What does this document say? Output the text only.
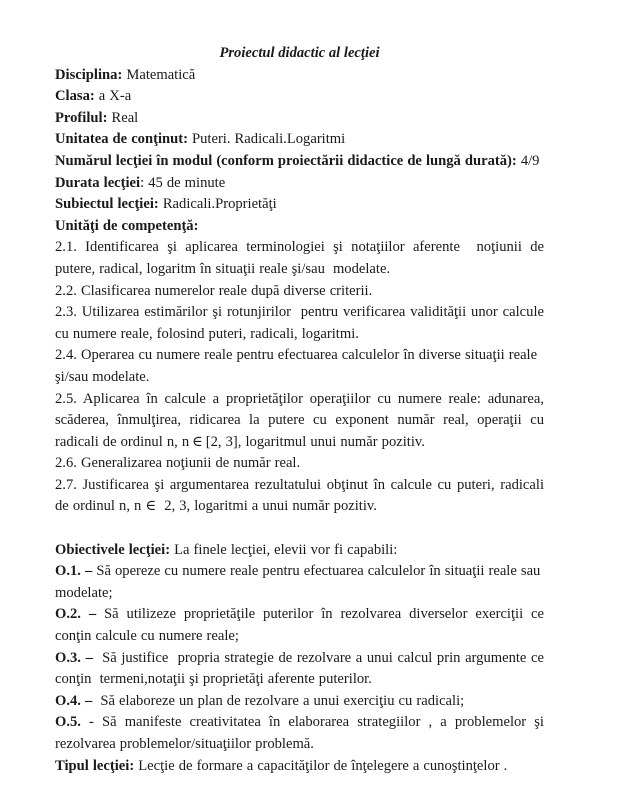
Proiectul didactic al lecţiei
Disciplina: Matematică
Clasa: a X-a
Profilul: Real
Unitatea de conţinut: Puteri. Radicali.Logaritmi
Numărul lecţiei în modul (conform proiectării didactice de lungă durată): 4/9
Durata lecţiei: 45 de minute
Subiectul lecţiei: Radicali.Proprietăţi
Unităţi de competenţă:
2.1. Identificarea şi aplicarea terminologiei şi notaţiilor aferente  noţiunii de putere, radical, logaritm în situaţii reale şi/sau  modelate.
2.2. Clasificarea numerelor reale după diverse criterii.
2.3. Utilizarea estimărilor şi rotunjirilor  pentru verificarea validităţii unor calcule cu numere reale, folosind puteri, radicali, logaritmi.
2.4. Operarea cu numere reale pentru efectuarea calculelor în diverse situaţii reale şi/sau modelate.
2.5. Aplicarea în calcule a proprietăţilor operaţiilor cu numere reale: adunarea, scăderea, înmulţirea, ridicarea la putere cu exponent număr real, operaţii cu radicali de ordinul n, n ∈ [2, 3], logaritmul unui număr pozitiv.
2.6. Generalizarea noţiunii de număr real.
2.7. Justificarea şi argumentarea rezultatului obţinut în calcule cu puteri, radicali de ordinul n, n ∈  2, 3, logaritmi a unui număr pozitiv.

Obiectivele lecţiei: La finele lecţiei, elevii vor fi capabili:
O.1. – Să opereze cu numere reale pentru efectuarea calculelor în situaţii reale sau modelate;
O.2. – Să utilizeze proprietăţile puterilor în rezolvarea diverselor exerciţii ce conţin calcule cu numere reale;
O.3. –  Să justifice  propria strategie de rezolvare a unui calcul prin argumente ce conţin  termeni,notaţii şi proprietăţi aferente puterilor.
O.4. –  Să elaboreze un plan de rezolvare a unui exerciţiu cu radicali;
O.5. - Să manifeste creativitatea în elaborarea strategiilor , a problemelor şi rezolvarea problemelor/situaţiilor problemă.
Tipul lecţiei: Lecţie de formare a capacităţilor de înţelegere a cunoştinţelor .
